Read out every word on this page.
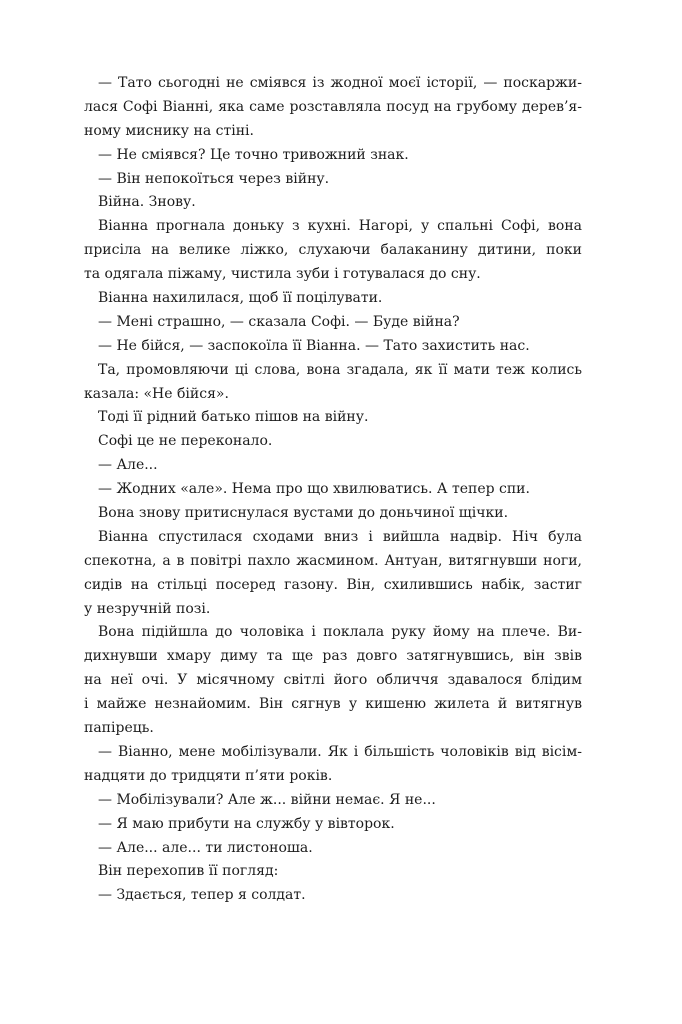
— Тато сьогодні не сміявся із жодної моєї історії, — поскаржи-
лася Софі Віанні, яка саме розставляла посуд на грубому дерев’я-
ному миснику на стіні.
— Не сміявся? Це точно тривожний знак.
— Він непокоїться через війну.
Війна. Знову.
Віанна прогнала доньку з кухні. Нагорі, у спальні Софі, вона
присіла на велике ліжко, слухаючи балаканину дитини, поки
та одягала піжаму, чистила зуби і готувалася до сну.
Віанна нахилилася, щоб її поцілувати.
— Мені страшно, — сказала Софі. — Буде війна?
— Не бійся, — заспокоїла її Віанна. — Тато захистить нас.
Та, промовляючи ці слова, вона згадала, як її мати теж колись
казала: «Не бійся».
Тоді її рідний батько пішов на війну.
Софі це не переконало.
— Але...
— Жодних «але». Нема про що хвилюватись. А тепер спи.
Вона знову притиснулася вустами до доньчиної щічки.
Віанна спустилася сходами вниз і вийшла надвір. Ніч була
спекотна, а в повітрі пахло жасмином. Антуан, витягнувши ноги,
сидів на стільці посеред газону. Він, схилившись набік, застиг
у незручній позі.
Вона підійшла до чоловіка і поклала руку йому на плече. Ви-
дихнувши хмару диму та ще раз довго затягнувшись, він звів
на неї очі. У місячному світлі його обличчя здавалося блідим
і майже незнайомим. Він сягнув у кишеню жилета й витягнув
папірець.
— Віанно, мене мобілізували. Як і більшість чоловіків від вісім-
надцяти до тридцяти п’яти років.
— Мобілізували? Але ж... війни немає. Я не...
— Я маю прибути на службу у вівторок.
— Але... але... ти листоноша.
Він перехопив її погляд:
— Здається, тепер я солдат.
